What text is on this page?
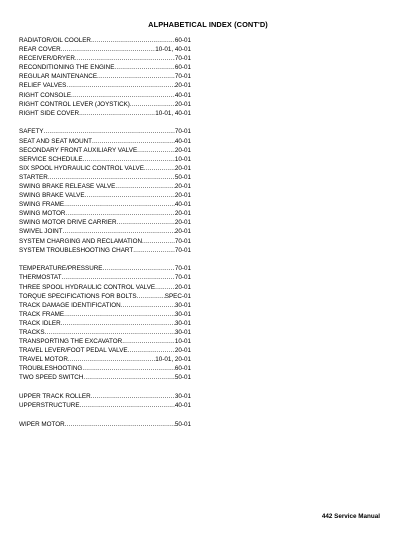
ALPHABETICAL INDEX (CONT'D)
RADIATOR/OIL COOLER .....	60-01
REAR COVER .....	10-01, 40-01
RECEIVER/DRYER .....	70-01
RECONDITIONING THE ENGINE .....	60-01
REGULAR MAINTENANCE .....	70-01
RELIEF VALVES .....	20-01
RIGHT CONSOLE .....	40-01
RIGHT CONTROL LEVER (JOYSTICK) .....	20-01
RIGHT SIDE COVER .....	10-01, 40-01
SAFETY .....	70-01
SEAT AND SEAT MOUNT .....	40-01
SECONDARY FRONT AUXILIARY VALVE .....	20-01
SERVICE SCHEDULE .....	10-01
SIX SPOOL HYDRAULIC CONTROL VALVE .....	20-01
STARTER .....	50-01
SWING BRAKE RELEASE VALVE .....	20-01
SWING BRAKE VALVE .....	20-01
SWING FRAME .....	40-01
SWING MOTOR .....	20-01
SWING MOTOR DRIVE CARRIER .....	20-01
SWIVEL JOINT .....	20-01
SYSTEM CHARGING AND RECLAMATION .....	70-01
SYSTEM TROUBLESHOOTING CHART .....	70-01
TEMPERATURE/PRESSURE .....	70-01
THERMOSTAT .....	70-01
THREE SPOOL HYDRAULIC CONTROL VALVE .....	20-01
TORQUE SPECIFICATIONS FOR BOLTS .....	SPEC-01
TRACK DAMAGE IDENTIFICATION .....	30-01
TRACK FRAME .....	30-01
TRACK IDLER .....	30-01
TRACKS .....	30-01
TRANSPORTING THE EXCAVATOR .....	10-01
TRAVEL LEVER/FOOT PEDAL VALVE .....	20-01
TRAVEL MOTOR .....	10-01, 20-01
TROUBLESHOOTING .....	60-01
TWO SPEED SWITCH .....	50-01
UPPER TRACK ROLLER .....	30-01
UPPERSTRUCTURE .....	40-01
WIPER MOTOR .....	50-01
442 Service Manual
